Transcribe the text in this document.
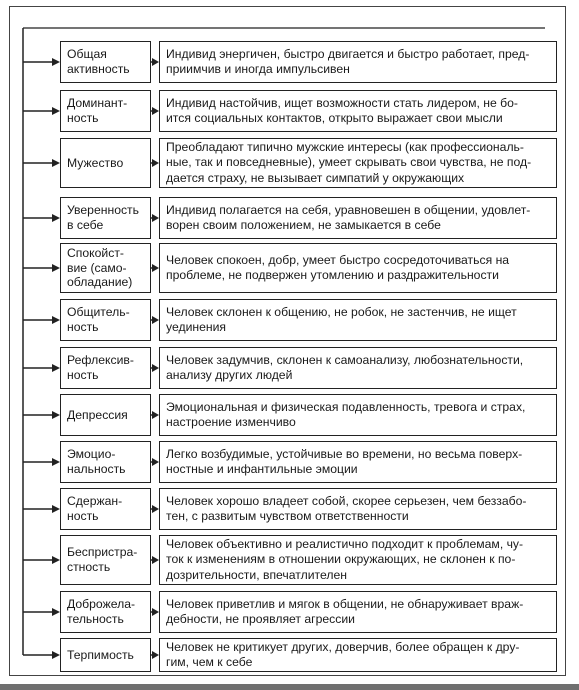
Общая
активность
Индивид энергичен, быстро двигается и быстро работает, пред-
приимчив и иногда импульсивен
Доминант-
ность
Индивид настойчив, ищет возможности стать лидером, не бо-
ится социальных контактов, открыто выражает свои мысли
Мужество
Преобладают типично мужские интересы (как профессиональ-
ные, так и повседневные), умеет скрывать свои чувства, не под-
дается страху, не вызывает симпатий у окружающих
Уверенность
в себе
Индивид полагается на себя, уравновешен в общении, удовлет-
ворен своим положением, не замыкается в себе
Спокойст-
вие (само-
обладание)
Человек спокоен, добр, умеет быстро сосредоточиваться на
проблеме, не подвержен утомлению и раздражительности
Общитель-
ность
Человек склонен к общению, не робок, не застенчив, не ищет
уединения
Рефлексив-
ность
Человек задумчив, склонен к самоанализу, любознательности,
анализу других людей
Депрессия
Эмоциональная и физическая подавленность, тревога и страх,
настроение изменчиво
Эмоцио-
нальность
Легко возбудимые, устойчивые во времени, но весьма поверх-
ностные и инфантильные эмоции
Сдержан-
ность
Человек хорошо владеет собой, скорее серьезен, чем беззабо-
тен, с развитым чувством ответственности
Беспристра-
стность
Человек объективно и реалистично подходит к проблемам, чу-
ток к изменениям в отношении окружающих, не склонен к по-
дозрительности, впечатлителен
Доброжела-
тельность
Человек приветлив и мягок в общении, не обнаруживает враж-
дебности, не проявляет агрессии
Терпимость
Человек не критикует других, доверчив, более обращен к дру-
гим, чем к себе
